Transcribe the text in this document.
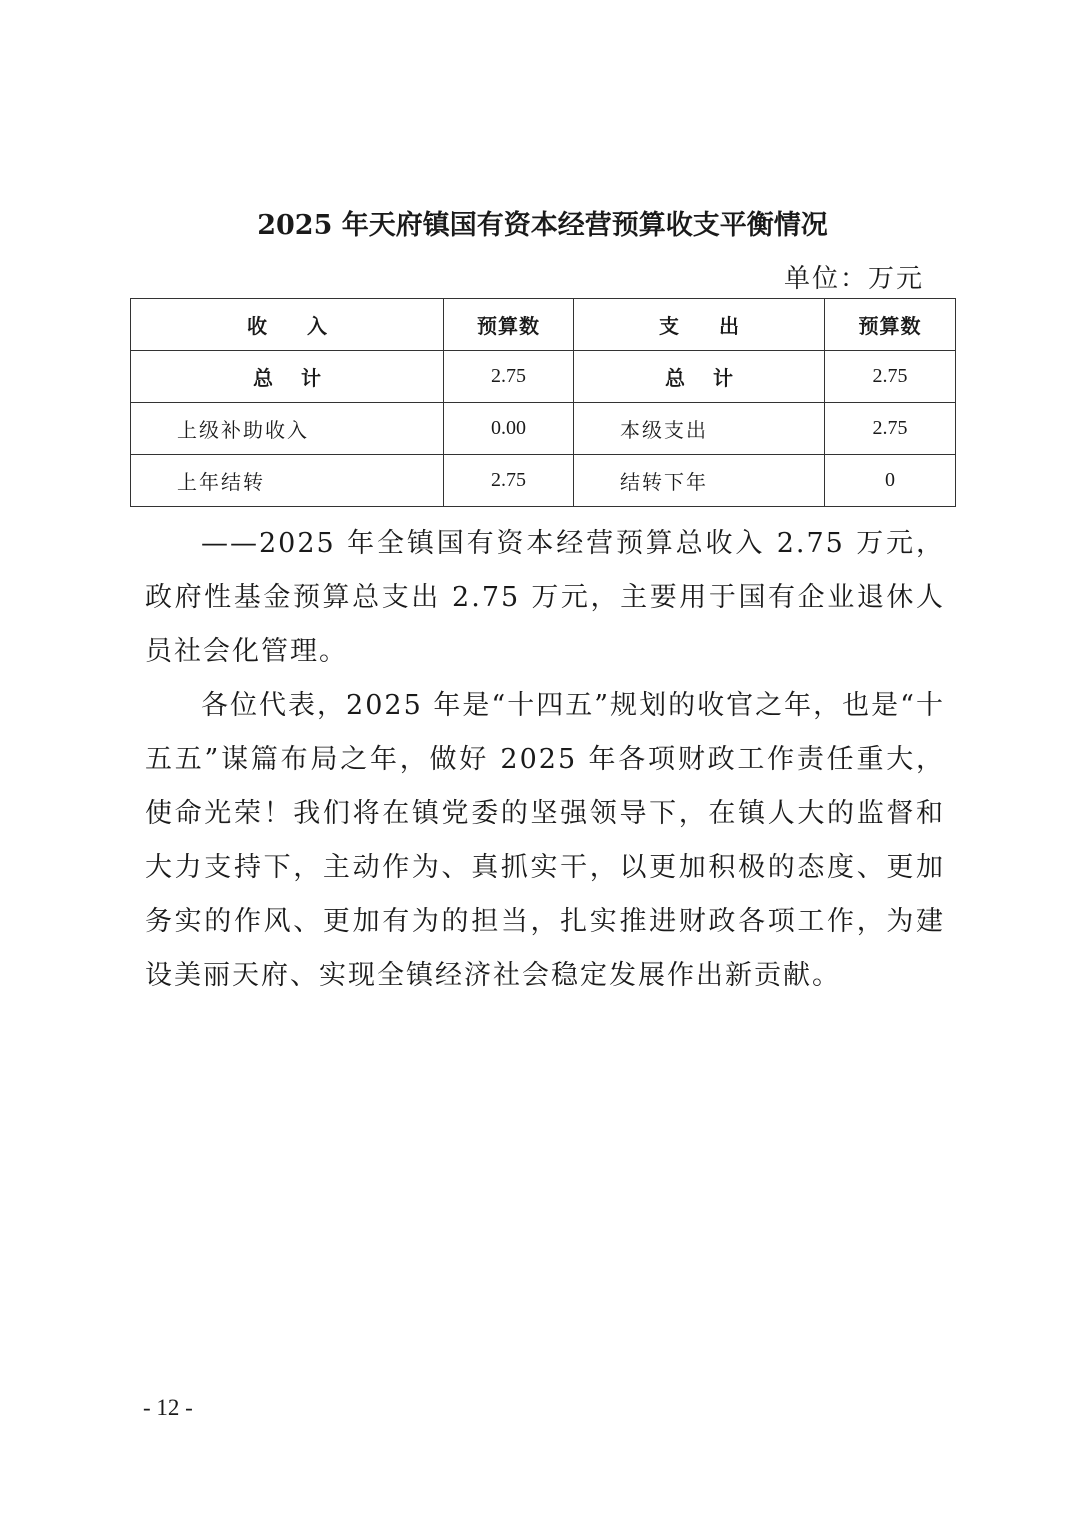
2025 年天府镇国有资本经营预算收支平衡情况
单位：万元
收入	预算数	支出	预算数
总计	2.75	总计	2.75
上级补助收入	0.00	本级支出	2.75
上年结转	2.75	结转下年	0

——2025 年全镇国有资本经营预算总收入 2.75 万元，政府性基金预算总支出 2.75 万元，主要用于国有企业退休人员社会化管理。

各位代表，2025 年是“十四五”规划的收官之年，也是“十五五”谋篇布局之年，做好 2025 年各项财政工作责任重大，使命光荣！我们将在镇党委的坚强领导下，在镇人大的监督和大力支持下，主动作为、真抓实干，以更加积极的态度、更加务实的作风、更加有为的担当，扎实推进财政各项工作，为建设美丽天府、实现全镇经济社会稳定发展作出新贡献。

- 12 -
